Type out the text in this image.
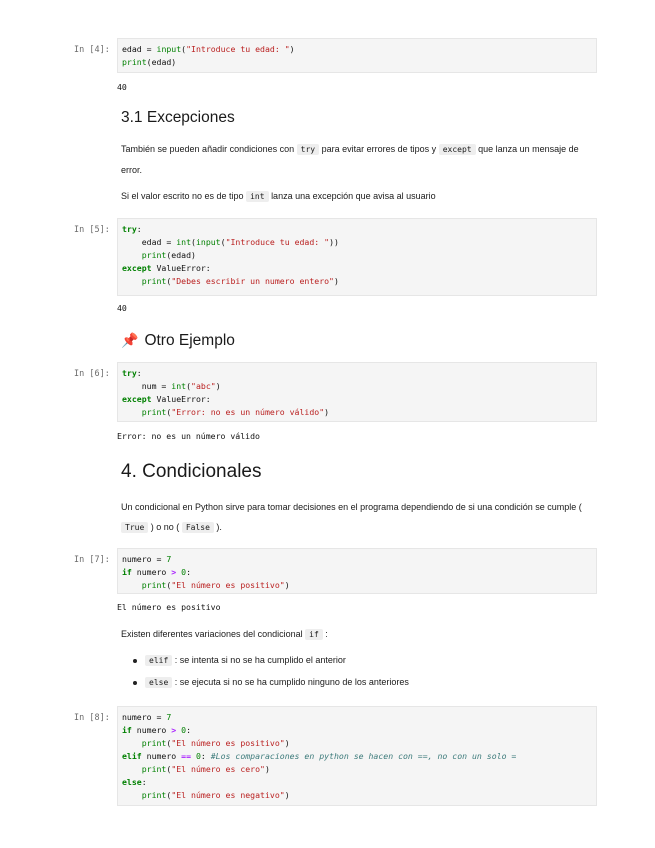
In [4]: edad = input("Introduce tu edad: ")
print(edad)
40
3.1 Excepciones
También se pueden añadir condiciones con try para evitar errores de tipos y except que lanza un mensaje de error.
Si el valor escrito no es de tipo int lanza una excepción que avisa al usuario
In [5]: try:
edad = int(input("Introduce tu edad: "))
print(edad)
except ValueError:
print("Debes escribir un numero entero")
40
📌 Otro Ejemplo
In [6]: try:
num = int("abc")
except ValueError:
print("Error: no es un número válido")
Error: no es un número válido
4. Condicionales
Un condicional en Python sirve para tomar decisiones en el programa dependiendo de si una condición se cumple ( True ) o no ( False ).
In [7]: numero = 7
if numero > 0:
print("El número es positivo")
El número es positivo
Existen diferentes variaciones del condicional if :
elif : se intenta si no se ha cumplido el anterior
else : se ejecuta si no se ha cumplido ninguno de los anteriores
In [8]: numero = 7
if numero > 0:
print("El número es positivo")
elif numero == 0: #Los comparaciones en python se hacen con ==, no con un solo =
print("El número es cero")
else:
print("El número es negativo")
